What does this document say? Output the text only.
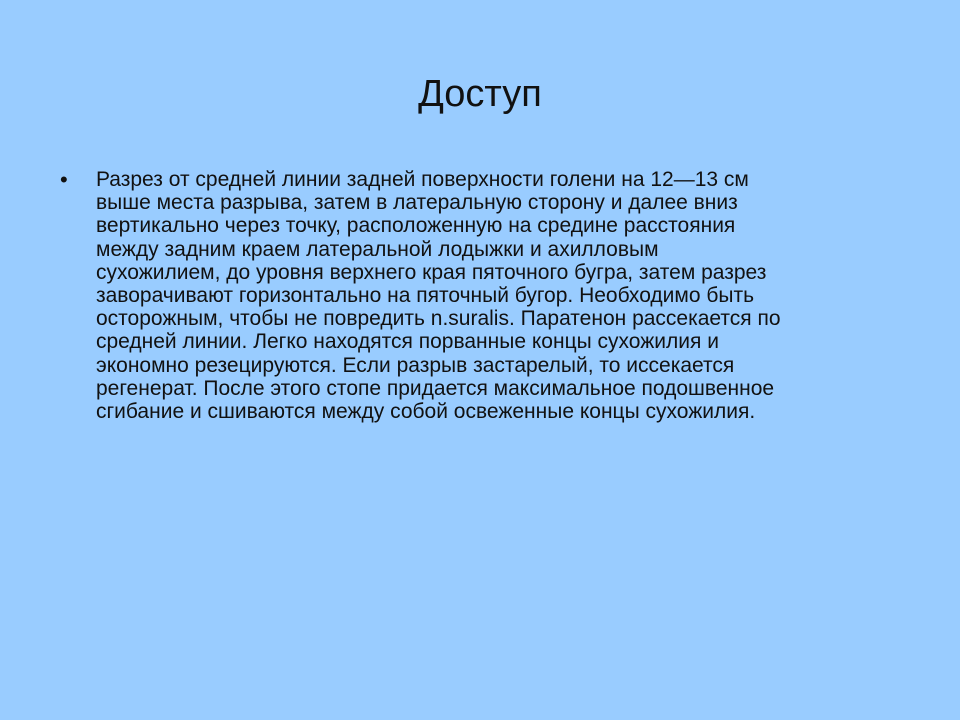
Доступ
• Разрез от средней линии задней поверхности голени на 12—13 см выше места разрыва, затем в латеральную сторону и далее вниз вертикально через точку, расположенную на средине расстояния между задним краем латеральной лодыжки и ахилловым сухожилием, до уровня верхнего края пяточного бугра, затем разрез заворачивают горизонтально на пяточный бугор. Необходимо быть осторожным, чтобы не повредить n.suralis. Паратенон рассекается по средней линии. Легко находятся порванные концы сухожилия и экономно резецируются. Если разрыв застарелый, то иссекается регенерат. После этого стопе придается максимальное подошвенное сгибание и сшиваются между собой освеженные концы сухожилия.
